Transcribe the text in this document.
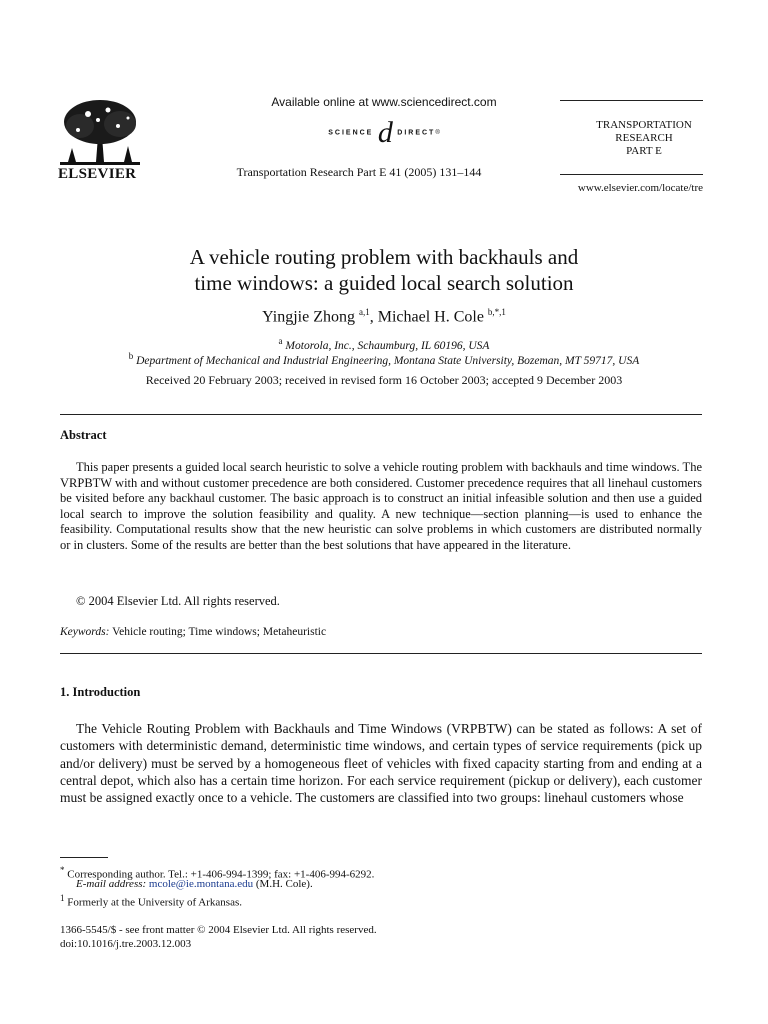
ELSEVIER
Available online at www.sciencedirect.com
SCIENCE d DIRECT®
Transportation Research Part E 41 (2005) 131–144
TRANSPORTATION
RESEARCH
PART E
www.elsevier.com/locate/tre
A vehicle routing problem with backhauls and
time windows: a guided local search solution
Yingjie Zhong $^{a,1}$, Michael H. Cole $^{b,*,1}$
$^a$ Motorola, Inc., Schaumburg, IL 60196, USA
$^b$ Department of Mechanical and Industrial Engineering, Montana State University, Bozeman, MT 59717, USA
Received 20 February 2003; received in revised form 16 October 2003; accepted 9 December 2003
Abstract

This paper presents a guided local search heuristic to solve a vehicle routing problem with backhauls and time windows. The VRPBTW with and without customer precedence are both considered. Customer precedence requires that all linehaul customers be visited before any backhaul customer. The basic approach is to construct an initial infeasible solution and then use a guided local search to improve the solution feasibility and quality. A new technique—section planning—is used to enhance the feasibility. Computational results show that the new heuristic can solve problems in which customers are distributed normally or in clusters. Some of the results are better than the best solutions that have appeared in the literature.

© 2004 Elsevier Ltd. All rights reserved.
Keywords: Vehicle routing; Time windows; Metaheuristic
1. Introduction

The Vehicle Routing Problem with Backhauls and Time Windows (VRPBTW) can be stated as follows: A set of customers with deterministic demand, deterministic time windows, and certain types of service requirements (pick up and/or delivery) must be served by a homogeneous fleet of vehicles with fixed capacity starting from and ending at a central depot, which also has a certain time horizon. For each service requirement (pickup or delivery), each customer must be assigned exactly once to a vehicle. The customers are classified into two groups: linehaul customers whose

* Corresponding author. Tel.: +1-406-994-1399; fax: +1-406-994-6292.
E-mail address: mcole@ie.montana.edu (M.H. Cole).
$^1$ Formerly at the University of Arkansas.
1366-5545/$ - see front matter © 2004 Elsevier Ltd. All rights reserved.
doi:10.1016/j.tre.2003.12.003
